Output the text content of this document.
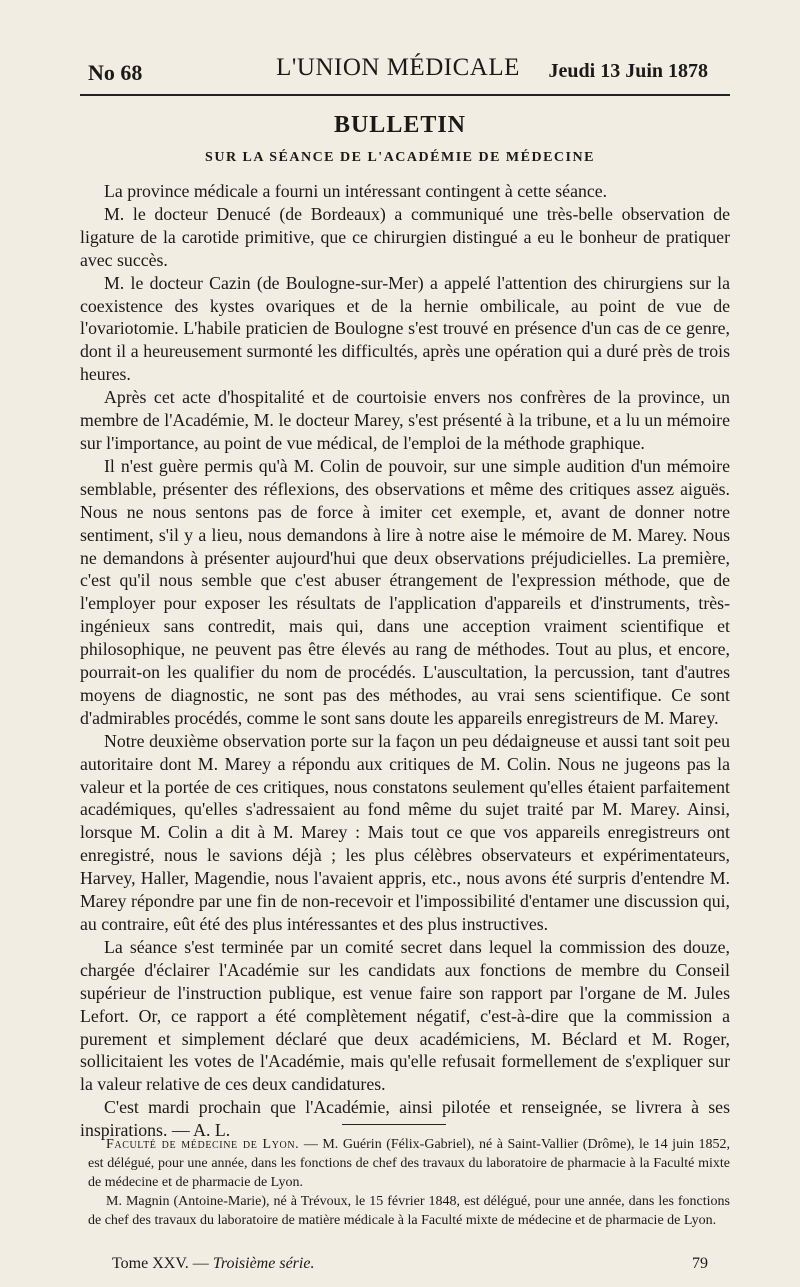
No 68	L'UNION MÉDICALE	Jeudi 13 Juin 1878
BULLETIN
SUR LA SÉANCE DE L'ACADÉMIE DE MÉDECINE

La province médicale a fourni un intéressant contingent à cette séance.

M. le docteur Denucé (de Bordeaux) a communiqué une très-belle observation de ligature de la carotide primitive, que ce chirurgien distingué a eu le bonheur de pratiquer avec succès.

M. le docteur Cazin (de Boulogne-sur-Mer) a appelé l'attention des chirurgiens sur la coexistence des kystes ovariques et de la hernie ombilicale, au point de vue de l'ovariotomie. L'habile praticien de Boulogne s'est trouvé en présence d'un cas de ce genre, dont il a heureusement surmonté les difficultés, après une opération qui a duré près de trois heures.

Après cet acte d'hospitalité et de courtoisie envers nos confrères de la province, un membre de l'Académie, M. le docteur Marey, s'est présenté à la tribune, et a lu un mémoire sur l'importance, au point de vue médical, de l'emploi de la méthode graphique.

Il n'est guère permis qu'à M. Colin de pouvoir, sur une simple audition d'un mémoire semblable, présenter des réflexions, des observations et même des critiques assez aiguës. Nous ne nous sentons pas de force à imiter cet exemple, et, avant de donner notre sentiment, s'il y a lieu, nous demandons à lire à notre aise le mémoire de M. Marey. Nous ne demandons à présenter aujourd'hui que deux observations préjudicielles. La première, c'est qu'il nous semble que c'est abuser étrangement de l'expression méthode, que de l'employer pour exposer les résultats de l'application d'appareils et d'instruments, très-ingénieux sans contredit, mais qui, dans une acception vraiment scientifique et philosophique, ne peuvent pas être élevés au rang de méthodes. Tout au plus, et encore, pourrait-on les qualifier du nom de procédés. L'auscultation, la percussion, tant d'autres moyens de diagnostic, ne sont pas des méthodes, au vrai sens scientifique. Ce sont d'admirables procédés, comme le sont sans doute les appareils enregistreurs de M. Marey.

Notre deuxième observation porte sur la façon un peu dédaigneuse et aussi tant soit peu autoritaire dont M. Marey a répondu aux critiques de M. Colin. Nous ne jugeons pas la valeur et la portée de ces critiques, nous constatons seulement qu'elles étaient parfaitement académiques, qu'elles s'adressaient au fond même du sujet traité par M. Marey. Ainsi, lorsque M. Colin a dit à M. Marey : Mais tout ce que vos appareils enregistreurs ont enregistré, nous le savions déjà ; les plus célèbres observateurs et expérimentateurs, Harvey, Haller, Magendie, nous l'avaient appris, etc., nous avons été surpris d'entendre M. Marey répondre par une fin de non-recevoir et l'impossibilité d'entamer une discussion qui, au contraire, eût été des plus intéressantes et des plus instructives.

La séance s'est terminée par un comité secret dans lequel la commission des douze, chargée d'éclairer l'Académie sur les candidats aux fonctions de membre du Conseil supérieur de l'instruction publique, est venue faire son rapport par l'organe de M. Jules Lefort. Or, ce rapport a été complètement négatif, c'est-à-dire que la commission a purement et simplement déclaré que deux académiciens, M. Béclard et M. Roger, sollicitaient les votes de l'Académie, mais qu'elle refusait formellement de s'expliquer sur la valeur relative de ces deux candidatures.

C'est mardi prochain que l'Académie, ainsi pilotée et renseignée, se livrera à ses inspirations. — A. L.

Faculté de médecine de Lyon. — M. Guérin (Félix-Gabriel), né à Saint-Vallier (Drôme), le 14 juin 1852, est délégué, pour une année, dans les fonctions de chef des travaux du laboratoire de pharmacie à la Faculté mixte de médecine et de pharmacie de Lyon.

M. Magnin (Antoine-Marie), né à Trévoux, le 15 février 1848, est délégué, pour une année, dans les fonctions de chef des travaux du laboratoire de matière médicale à la Faculté mixte de médecine et de pharmacie de Lyon.

Tome XXV. — Troisième série.	79
